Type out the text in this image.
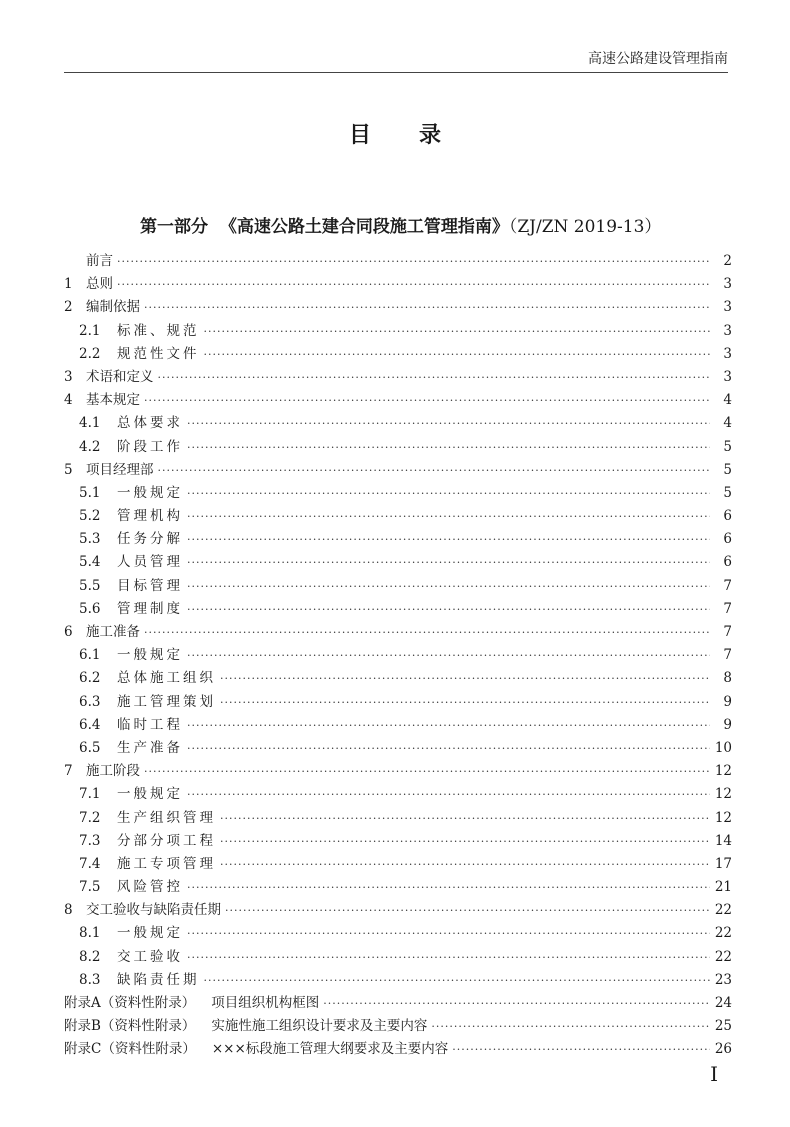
高速公路建设管理指南
目录
第一部分 《高速公路土建合同段施工管理指南》（ZJ/ZN 2019-13）
前言 ·····	2
1 总则 ·····	3
2 编制依据 ·····	3
2.1	标准、规范 ·····	3
2.2	规范性文件 ·····	3
3 术语和定义 ·····	3
4 基本规定 ·····	4
4.1	总体要求 ·····	4
4.2	阶段工作 ·····	5
5 项目经理部 ·····	5
5.1	一般规定 ·····	5
5.2	管理机构 ·····	6
5.3	任务分解 ·····	6
5.4	人员管理 ·····	6
5.5	目标管理 ·····	7
5.6	管理制度 ·····	7
6 施工准备 ·····	7
6.1	一般规定 ·····	7
6.2	总体施工组织 ·····	8
6.3	施工管理策划 ·····	9
6.4	临时工程 ·····	9
6.5	生产准备 ·····	10
7 施工阶段 ·····	12
7.1	一般规定 ·····	12
7.2	生产组织管理 ·····	12
7.3	分部分项工程 ·····	14
7.4	施工专项管理 ·····	17
7.5	风险管控 ·····	21
8 交工验收与缺陷责任期 ·····	22
8.1	一般规定 ·····	22
8.2	交工验收 ·····	22
8.3	缺陷责任期 ·····	23
附录A（资料性附录） 项目组织机构框图 ·····	24
附录B（资料性附录） 实施性施工组织设计要求及主要内容 ·····	25
附录C（资料性附录） ×××标段施工管理大纲要求及主要内容 ·····	26
I
